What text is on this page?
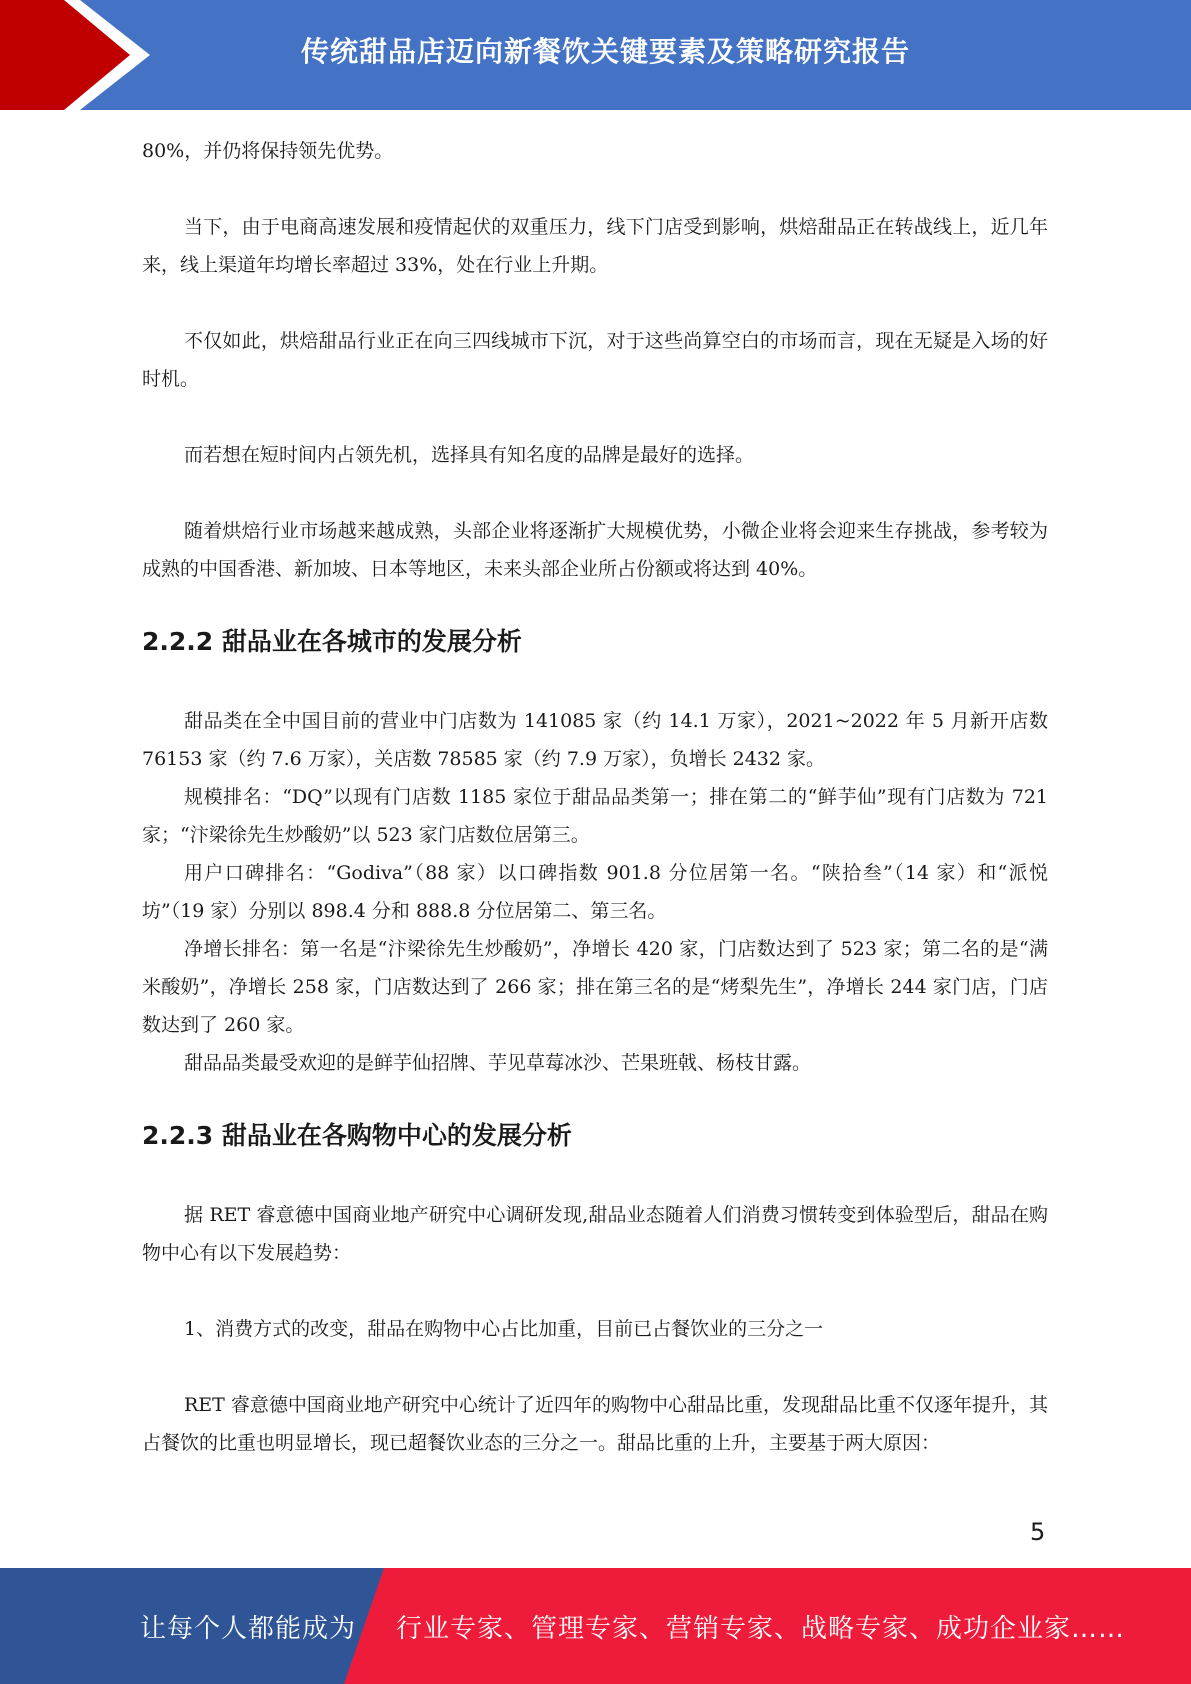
传统甜品店迈向新餐饮关键要素及策略研究报告

80%，并仍将保持领先优势。

当下，由于电商高速发展和疫情起伏的双重压力，线下门店受到影响，烘焙甜品正在转战线上，近几年来，线上渠道年均增长率超过 33%，处在行业上升期。

不仅如此，烘焙甜品行业正在向三四线城市下沉，对于这些尚算空白的市场而言，现在无疑是入场的好时机。

而若想在短时间内占领先机，选择具有知名度的品牌是最好的选择。

随着烘焙行业市场越来越成熟，头部企业将逐渐扩大规模优势，小微企业将会迎来生存挑战，参考较为成熟的中国香港、新加坡、日本等地区，未来头部企业所占份额或将达到 40%。

2.2.2 甜品业在各城市的发展分析

甜品类在全中国目前的营业中门店数为 141085 家（约 14.1 万家），2021~2022 年 5 月新开店数 76153 家（约 7.6 万家），关店数 78585 家（约 7.9 万家），负增长 2432 家。

规模排名：“DQ”以现有门店数 1185 家位于甜品品类第一；排在第二的“鲜芋仙”现有门店数为 721 家；“汴梁徐先生炒酸奶”以 523 家门店数位居第三。

用户口碑排名：“Godiva”（88 家）以口碑指数 901.8 分位居第一名。“陕拾叁”（14 家）和“派悦坊”（19 家）分别以 898.4 分和 888.8 分位居第二、第三名。

净增长排名：第一名是“汴梁徐先生炒酸奶”，净增长 420 家，门店数达到了 523 家；第二名的是“满米酸奶”，净增长 258 家，门店数达到了 266 家；排在第三名的是“烤梨先生”，净增长 244 家门店，门店数达到了 260 家。

甜品品类最受欢迎的是鲜芋仙招牌、芋见草莓冰沙、芒果班戟、杨枝甘露。

2.2.3 甜品业在各购物中心的发展分析

据 RET 睿意德中国商业地产研究中心调研发现,甜品业态随着人们消费习惯转变到体验型后，甜品在购物中心有以下发展趋势：

1、消费方式的改变，甜品在购物中心占比加重，目前已占餐饮业的三分之一

RET 睿意德中国商业地产研究中心统计了近四年的购物中心甜品比重，发现甜品比重不仅逐年提升，其占餐饮的比重也明显增长，现已超餐饮业态的三分之一。甜品比重的上升，主要基于两大原因：

5
让每个人都能成为 行业专家、管理专家、营销专家、战略专家、成功企业家……
